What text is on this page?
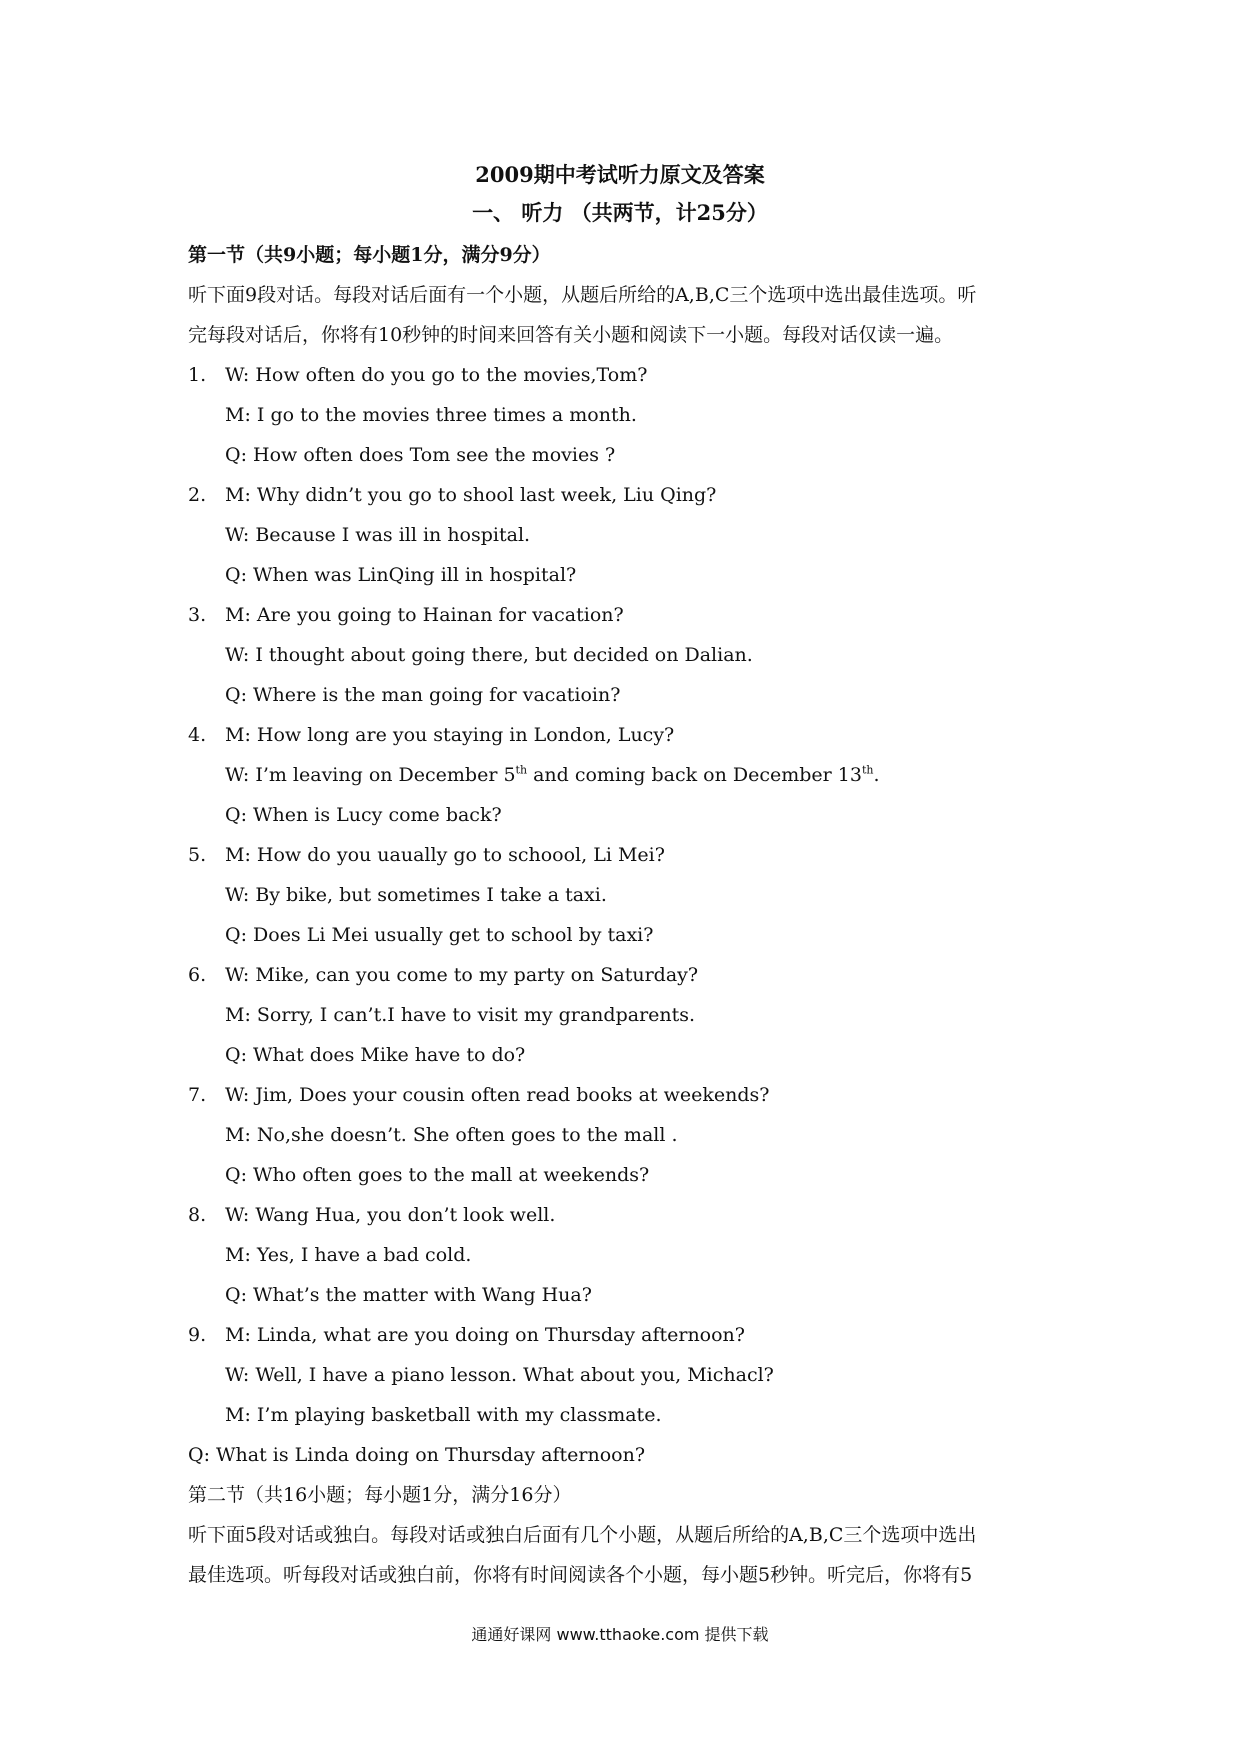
2009期中考试听力原文及答案
一、 听力 （共两节，计25分）
第一节（共9小题；每小题1分，满分9分）
听下面9段对话。每段对话后面有一个小题，从题后所给的A,B,C三个选项中选出最佳选项。听
完每段对话后，你将有10秒钟的时间来回答有关小题和阅读下一小题。每段对话仅读一遍。
1. W: How often do you go to the movies,Tom?
M: I go to the movies three times a month.
Q: How often does Tom see the movies ?
2. M: Why didn’t you go to shool last week, Liu Qing?
W: Because I was ill in hospital.
Q: When was LinQing ill in hospital?
3. M: Are you going to Hainan for vacation?
W: I thought about going there, but decided on Dalian.
Q: Where is the man going for vacatioin?
4. M: How long are you staying in London, Lucy?
W: I’m leaving on December 5th and coming back on December 13th.
Q: When is Lucy come back?
5. M: How do you uaually go to schoool, Li Mei?
W: By bike, but sometimes I take a taxi.
Q: Does Li Mei usually get to school by taxi?
6. W: Mike, can you come to my party on Saturday?
M: Sorry, I can’t.I have to visit my grandparents.
Q: What does Mike have to do?
7. W: Jim, Does your cousin often read books at weekends?
M: No,she doesn’t. She often goes to the mall .
Q: Who often goes to the mall at weekends?
8. W: Wang Hua, you don’t look well.
M: Yes, I have a bad cold.
Q: What’s the matter with Wang Hua?
9. M: Linda, what are you doing on Thursday afternoon?
W: Well, I have a piano lesson. What about you, Michacl?
M: I’m playing basketball with my classmate.
Q: What is Linda doing on Thursday afternoon?
第二节（共16小题；每小题1分，满分16分）
听下面5段对话或独白。每段对话或独白后面有几个小题，从题后所给的A,B,C三个选项中选出
最佳选项。听每段对话或独白前，你将有时间阅读各个小题，每小题5秒钟。听完后，你将有5
通通好课网 www.tthaoke.com 提供下载
